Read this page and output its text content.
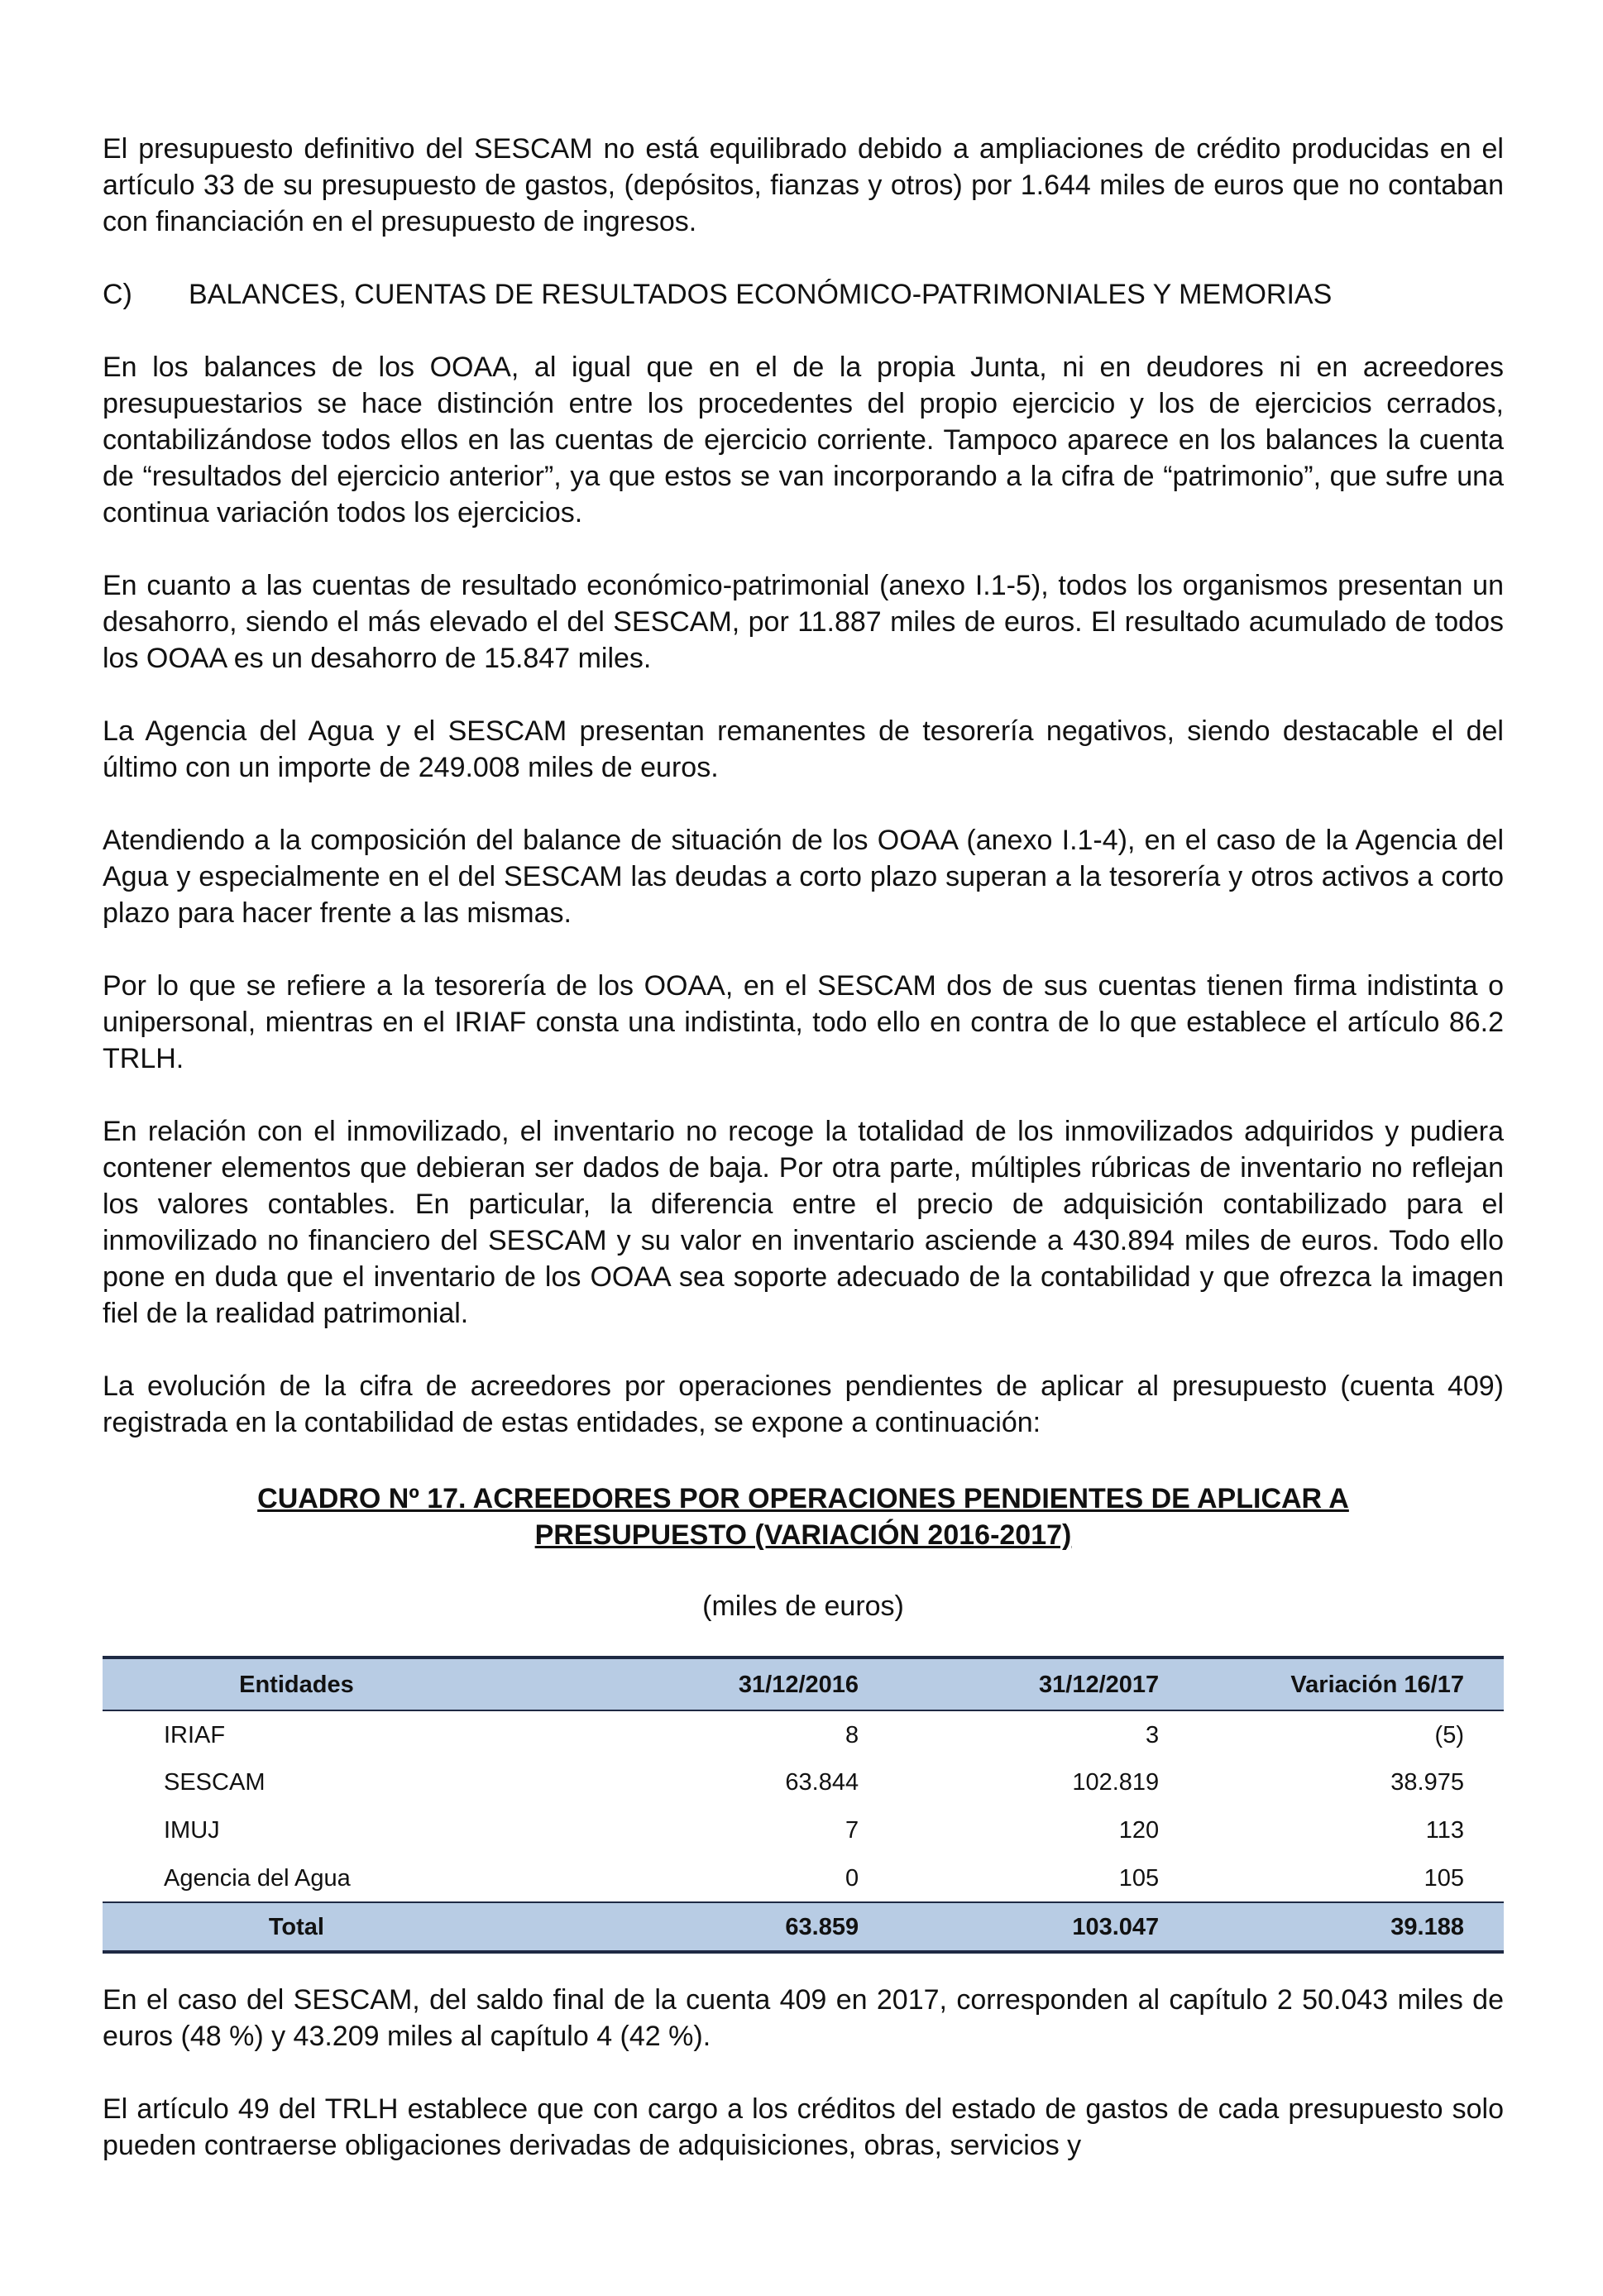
El presupuesto definitivo del SESCAM no está equilibrado debido a ampliaciones de crédito producidas en el artículo 33 de su presupuesto de gastos, (depósitos, fianzas y otros) por 1.644 miles de euros que no contaban con financiación en el presupuesto de ingresos.

C)	BALANCES, CUENTAS DE RESULTADOS ECONÓMICO-PATRIMONIALES Y MEMORIAS

En los balances de los OOAA, al igual que en el de la propia Junta, ni en deudores ni en acreedores presupuestarios se hace distinción entre los procedentes del propio ejercicio y los de ejercicios cerrados, contabilizándose todos ellos en las cuentas de ejercicio corriente. Tampoco aparece en los balances la cuenta de “resultados del ejercicio anterior”, ya que estos se van incorporando a la cifra de “patrimonio”, que sufre una continua variación todos los ejercicios.

En cuanto a las cuentas de resultado económico-patrimonial (anexo I.1-5), todos los organismos presentan un desahorro, siendo el más elevado el del SESCAM, por 11.887 miles de euros. El resultado acumulado de todos los OOAA es un desahorro de 15.847 miles.

La Agencia del Agua y el SESCAM presentan remanentes de tesorería negativos, siendo destacable el del último con un importe de 249.008 miles de euros.

Atendiendo a la composición del balance de situación de los OOAA (anexo I.1-4), en el caso de la Agencia del Agua y especialmente en el del SESCAM las deudas a corto plazo superan a la tesorería y otros activos a corto plazo para hacer frente a las mismas.

Por lo que se refiere a la tesorería de los OOAA, en el SESCAM dos de sus cuentas tienen firma indistinta o unipersonal, mientras en el IRIAF consta una indistinta, todo ello en contra de lo que establece el artículo 86.2 TRLH.

En relación con el inmovilizado, el inventario no recoge la totalidad de los inmovilizados adquiridos y pudiera contener elementos que debieran ser dados de baja. Por otra parte, múltiples rúbricas de inventario no reflejan los valores contables. En particular, la diferencia entre el precio de adquisición contabilizado para el inmovilizado no financiero del SESCAM y su valor en inventario asciende a 430.894 miles de euros. Todo ello pone en duda que el inventario de los OOAA sea soporte adecuado de la contabilidad y que ofrezca la imagen fiel de la realidad patrimonial.

La evolución de la cifra de acreedores por operaciones pendientes de aplicar al presupuesto (cuenta 409) registrada en la contabilidad de estas entidades, se expone a continuación:

CUADRO Nº 17. ACREEDORES POR OPERACIONES PENDIENTES DE APLICAR A PRESUPUESTO (VARIACIÓN 2016-2017)
(miles de euros)
Entidades	31/12/2016	31/12/2017	Variación 16/17
IRIAF	8	3	(5)
SESCAM	63.844	102.819	38.975
IMUJ	7	120	113
Agencia del Agua	0	105	105
Total	63.859	103.047	39.188

En el caso del SESCAM, del saldo final de la cuenta 409 en 2017, corresponden al capítulo 2 50.043 miles de euros (48 %) y 43.209 miles al capítulo 4 (42 %).

El artículo 49 del TRLH establece que con cargo a los créditos del estado de gastos de cada presupuesto solo pueden contraerse obligaciones derivadas de adquisiciones, obras, servicios y
